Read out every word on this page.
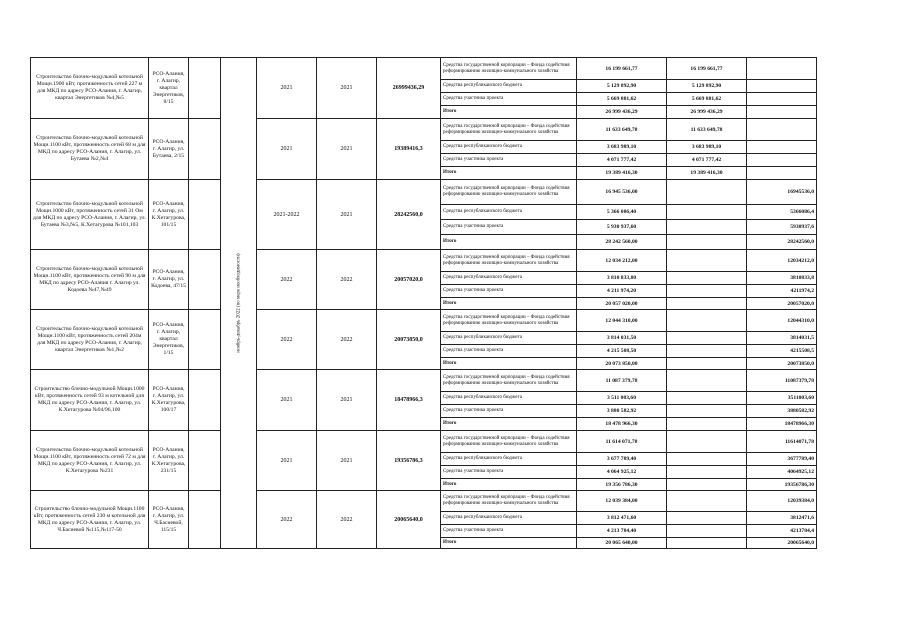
Строительство блочно-модульной котельной Мощн.1900 кВт, протяженность сетей 227 м для МКД по адресу РСО-Алания, г. Алагир, квартал Энергетиков №4,№5	РСО-Алания, г. Алагир, квартал Энергетиков, 8/15		ноябрь-декабрь 2022 (по мере необходимости)	2021	2021	26999436,29	Средства государственной корпорации – Фонда содействия реформированию жилищно-коммунального хозяйства	16 199 661,77	16 199 661,77	
							Средства республиканского бюджета	5 129 892,90	5 129 892,90	
							Средства участника проекта	5 669 881,62	5 669 881,62	
							Итого	26 999 436,29	26 999 436,29	
Строительство блочно-модульной котельной Мощн.1100 кВт, протяженность сетей 68 м для МКД по адресу РСО-Алания, г. Алагир, ул. Бутаева №2,№4	РСО-Алания, г. Алагир, ул. Бутаева, 2/15			2021	2021	19389416,3	Средства государственной корпорации – Фонда содействия реформированию жилищно-коммунального хозяйства	11 633 649,78	11 633 649,78	
							Средства республиканского бюджета	3 683 989,10	3 683 989,10	
							Средства участника проекта	4 071 777,42	4 071 777,42	
							Итого	19 389 416,30	19 389 416,30	
Строительство блочно-модульной котельной Мощн.1000 кВт, протяженность сетей 31 Ом для МКД по адресу РСО-Алания, г. Алагир, ул. Бутаева №3,№5, К.Хетагурова №101,103	РСО-Алания, г. Алагир, ул. К.Хетагурова, 101/15			2021-2022	2021	28242560,0	Средства государственной корпорации – Фонда содействия реформированию жилищно-коммунального хозяйства	16 945 536,00		16945536,0
							Средства республиканского бюджета	5 366 086,40		5366086,4
							Средства участника проекта	5 930 937,60		5930937,6
							Итого	28 242 560,00		28242560,0
Строительство блочно-модульной котельной Мощн.1100 кВт, протяженность сетей 90 м для МКД по адресу РСО-Алания г. Алагир ул. Кодоева №47,№49	РСО-Алания, г. Алагир, ул. Кодоева, 47/15			2022	2022	20057020,0	Средства государственной корпорации – Фонда содействия реформированию жилищно-коммунального хозяйства	12 034 212,00		12034212,0
							Средства республиканского бюджета	3 810 833,80		3810833,8
							Средства участника проекта	4 211 974,20		4211974,2
							Итого	20 057 020,00		20057020,0
Строительство блочно-модульной котельной Мощн.1100 кВт, протяженность сетей 204м для МКД по адресу РСО-Алания, г. Алагир, квартал Энергетиков №1,№2	РСО-Алания, г. Алагир, квартал Энергетиков, 1/15			2022	2022	20073850,0	Средства государственной корпорации – Фонда содействия реформированию жилищно-коммунального хозяйства	12 044 310,00		12044310,0
							Средства республиканского бюджета	3 814 031,50		3814031,5
							Средства участника проекта	4 215 508,50		4215508,5
							Итого	20 073 850,00		20073850,0
Строительство блочно-модульной Мощн.1000 кВт, протяженность сетей 93 м котельной для МКД по адресу РСО-Алания, г. Алагир, ул. К.Хетагурова №94/96,100	РСО-Алания, г. Алагир, ул. К.Хетагурова, 100/17			2021	2021	18478966,3	Средства государственной корпорации – Фонда содействия реформированию жилищно-коммунального хозяйства	11 087 379,78		11087379,78
							Средства республиканского бюджета	3 511 003,60		3511003,60
							Средства участника проекта	3 880 582,92		3880582,92
							Итого	18 478 966,30		18478966,30
Строительство блочно-модульной котельной Мощн.1100 кВт, протяженность сетей 72 м для МКД по адресу РСО-Алания, г. Алагир, ул. К.Хетагурова №231	РСО-Алания, г. Алагир, ул. К.Хетагурова, 231/15			2021	2021	19356786,3	Средства государственной корпорации – Фонда содействия реформированию жилищно-коммунального хозяйства	11 614 071,78		11614071,78
							Средства республиканского бюджета	3 677 789,40		3677789,40
							Средства участника проекта	4 064 925,12		4064925,12
							Итого	19 356 786,30		19356786,30
Строительство блочно-модульной Мощн.1100 кВт, протяженность сетей 230 м котельной для МКД по адресу РСО-Алания, г. Алагир, ул. Ч.Басиевой №115,№117-50	РСО-Алания, г. Алагир, ул. Ч.Басиевой, 115/15			2022	2022	20065640,0	Средства государственной корпорации – Фонда содействия реформированию жилищно-коммунального хозяйства	12 039 384,00		12039384,0
							Средства республиканского бюджета	3 812 471,60		3812471,6
							Средства участника проекта	4 213 784,40		4213784,4
							Итого	20 065 640,00		20065640,0
